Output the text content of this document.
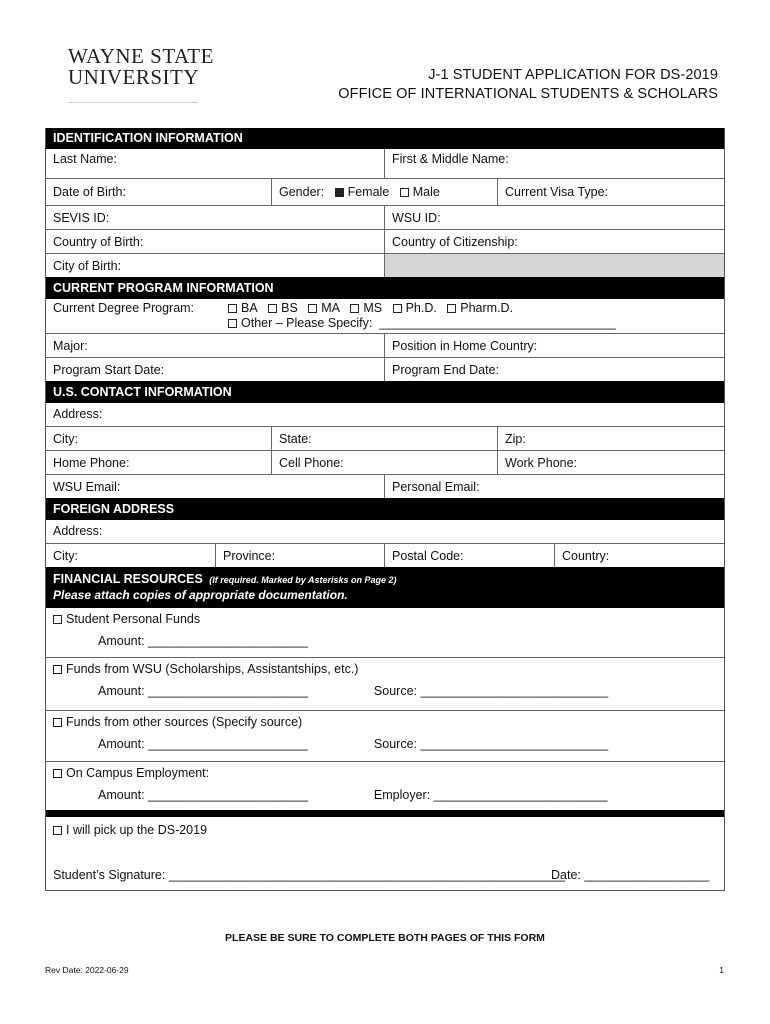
WAYNE STATE
UNIVERSITY	J-1 STUDENT APPLICATION FOR DS-2019
OFFICE OF INTERNATIONAL STUDENTS & SCHOLARS
IDENTIFICATION INFORMATION
Last Name:	First & Middle Name:
Date of Birth:	Gender: Female Male	Current Visa Type:
SEVIS ID:	WSU ID:
Country of Birth:	Country of Citizenship:
City of Birth:
CURRENT PROGRAM INFORMATION
Current Degree Program:	BA BS MA MS Ph.D. Pharm.D.
Other – Please Specify: __________________________________
Major:	Position in Home Country:
Program Start Date:	Program End Date:
U.S. CONTACT INFORMATION
Address:
City:	State:	Zip:
Home Phone:	Cell Phone:	Work Phone:
WSU Email:	Personal Email:
FOREIGN ADDRESS
Address:
City:	Province:	Postal Code:	Country:
FINANCIAL RESOURCES (If required. Marked by Asterisks on Page 2)
Please attach copies of appropriate documentation.
Student Personal Funds
Amount: _______________________
Funds from WSU (Scholarships, Assistantships, etc.)
Amount: _______________________	Source: ___________________________
Funds from other sources (Specify source)
Amount: _______________________	Source: ___________________________
On Campus Employment:
Amount: _______________________	Employer: _________________________
I will pick up the DS-2019
Student’s Signature: _________________________________________________________
Date: __________________
PLEASE BE SURE TO COMPLETE BOTH PAGES OF THIS FORM
Rev Date: 2022-06-29	1
